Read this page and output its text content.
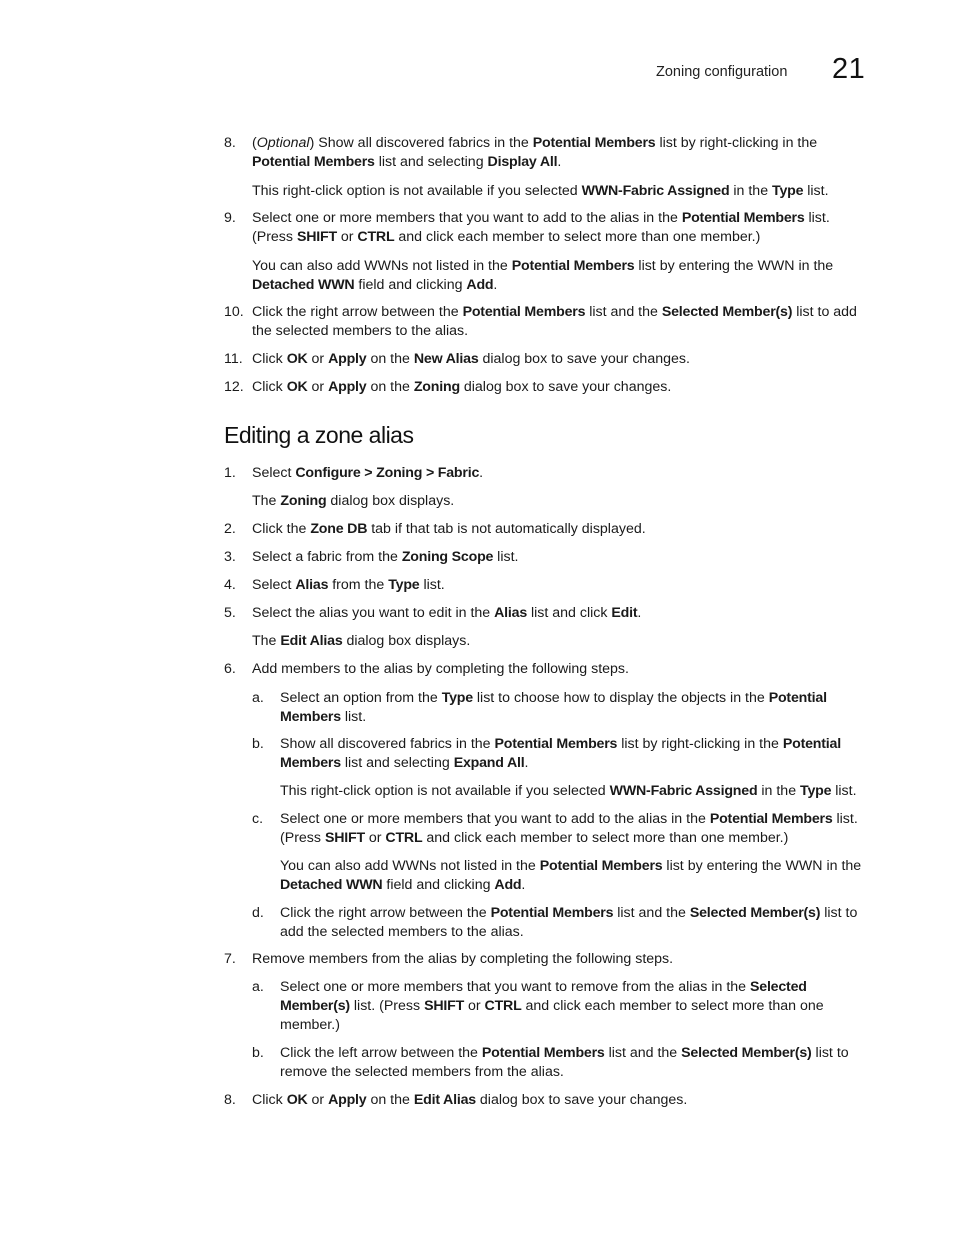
Zoning configuration 21
8.	(Optional) Show all discovered fabrics in the Potential Members list by right-clicking in the Potential Members list and selecting Display All.
This right-click option is not available if you selected WWN-Fabric Assigned in the Type list.
9.	Select one or more members that you want to add to the alias in the Potential Members list. (Press SHIFT or CTRL and click each member to select more than one member.)
You can also add WWNs not listed in the Potential Members list by entering the WWN in the Detached WWN field and clicking Add.
10. Click the right arrow between the Potential Members list and the Selected Member(s) list to add the selected members to the alias.
11. Click OK or Apply on the New Alias dialog box to save your changes.
12. Click OK or Apply on the Zoning dialog box to save your changes.
Editing a zone alias
1.	Select Configure > Zoning > Fabric.
The Zoning dialog box displays.
2.	Click the Zone DB tab if that tab is not automatically displayed.
3.	Select a fabric from the Zoning Scope list.
4.	Select Alias from the Type list.
5.	Select the alias you want to edit in the Alias list and click Edit.
The Edit Alias dialog box displays.
6.	Add members to the alias by completing the following steps.
a.	Select an option from the Type list to choose how to display the objects in the Potential Members list.
b.	Show all discovered fabrics in the Potential Members list by right-clicking in the Potential Members list and selecting Expand All.
This right-click option is not available if you selected WWN-Fabric Assigned in the Type list.
c.	Select one or more members that you want to add to the alias in the Potential Members list. (Press SHIFT or CTRL and click each member to select more than one member.)
You can also add WWNs not listed in the Potential Members list by entering the WWN in the Detached WWN field and clicking Add.
d.	Click the right arrow between the Potential Members list and the Selected Member(s) list to add the selected members to the alias.
7.	Remove members from the alias by completing the following steps.
a.	Select one or more members that you want to remove from the alias in the Selected Member(s) list. (Press SHIFT or CTRL and click each member to select more than one member.)
b.	Click the left arrow between the Potential Members list and the Selected Member(s) list to remove the selected members from the alias.
8.	Click OK or Apply on the Edit Alias dialog box to save your changes.
